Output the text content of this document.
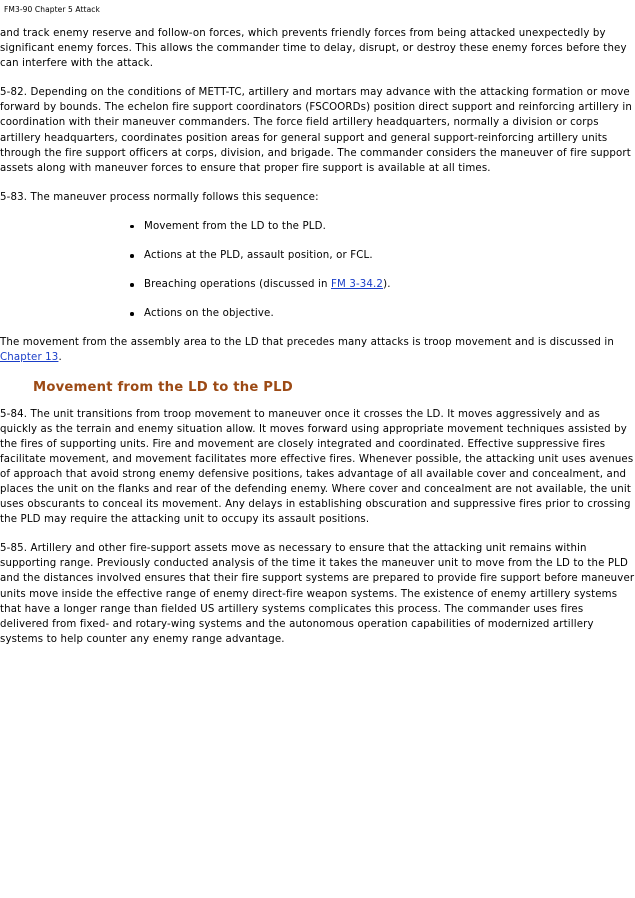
FM3-90 Chapter 5 Attack

and track enemy reserve and follow-on forces, which prevents friendly forces from being attacked unexpectedly by significant enemy forces. This allows the commander time to delay, disrupt, or destroy these enemy forces before they can interfere with the attack.

5-82. Depending on the conditions of METT-TC, artillery and mortars may advance with the attacking formation or move forward by bounds. The echelon fire support coordinators (FSCOORDs) position direct support and reinforcing artillery in coordination with their maneuver commanders. The force field artillery headquarters, normally a division or corps artillery headquarters, coordinates position areas for general support and general support-reinforcing artillery units through the fire support officers at corps, division, and brigade. The commander considers the maneuver of fire support assets along with maneuver forces to ensure that proper fire support is available at all times.

5-83. The maneuver process normally follows this sequence:

Movement from the LD to the PLD.
Actions at the PLD, assault position, or FCL.
Breaching operations (discussed in FM 3-34.2).
Actions on the objective.

The movement from the assembly area to the LD that precedes many attacks is troop movement and is discussed in Chapter 13.

Movement from the LD to the PLD

5-84. The unit transitions from troop movement to maneuver once it crosses the LD. It moves aggressively and as quickly as the terrain and enemy situation allow. It moves forward using appropriate movement techniques assisted by the fires of supporting units. Fire and movement are closely integrated and coordinated. Effective suppressive fires facilitate movement, and movement facilitates more effective fires. Whenever possible, the attacking unit uses avenues of approach that avoid strong enemy defensive positions, takes advantage of all available cover and concealment, and places the unit on the flanks and rear of the defending enemy. Where cover and concealment are not available, the unit uses obscurants to conceal its movement. Any delays in establishing obscuration and suppressive fires prior to crossing the PLD may require the attacking unit to occupy its assault positions.

5-85. Artillery and other fire-support assets move as necessary to ensure that the attacking unit remains within supporting range. Previously conducted analysis of the time it takes the maneuver unit to move from the LD to the PLD and the distances involved ensures that their fire support systems are prepared to provide fire support before maneuver units move inside the effective range of enemy direct-fire weapon systems. The existence of enemy artillery systems that have a longer range than fielded US artillery systems complicates this process. The commander uses fires delivered from fixed- and rotary-wing systems and the autonomous operation capabilities of modernized artillery systems to help counter any enemy range advantage.
